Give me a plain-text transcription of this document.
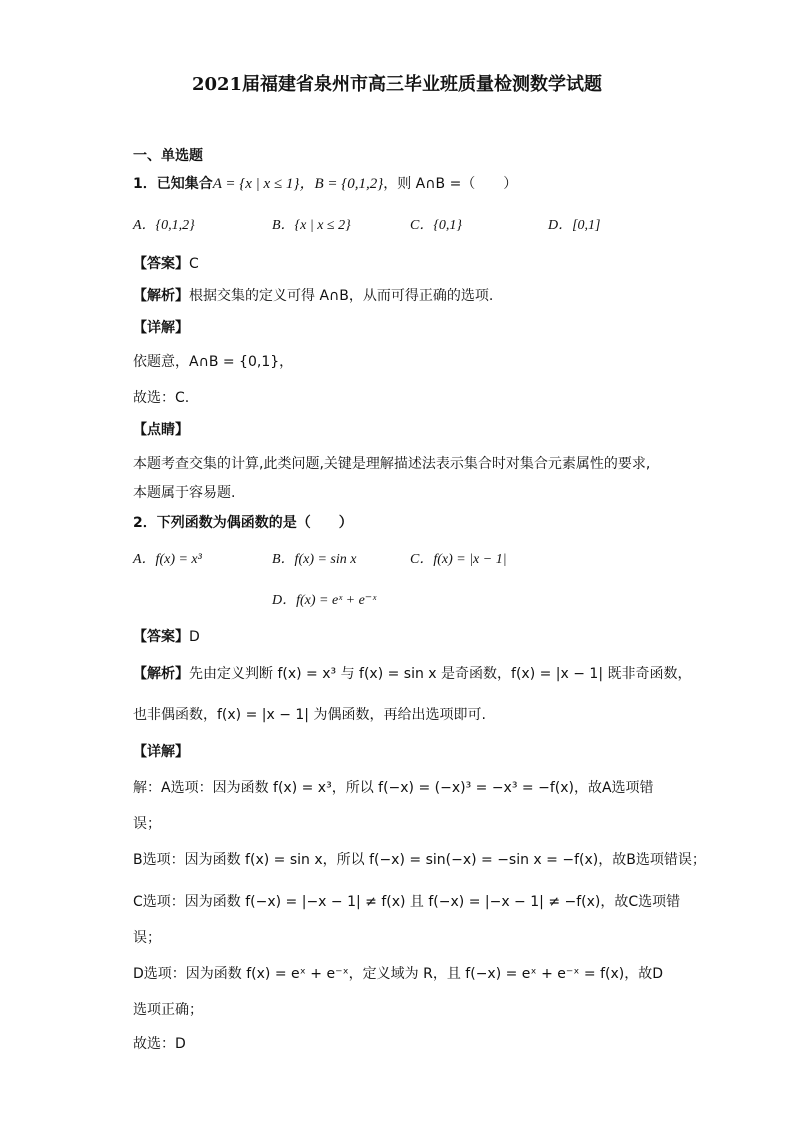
2021届福建省泉州市高三毕业班质量检测数学试题
一、单选题
1．已知集合A = {x | x ≤ 1}，B = {0,1,2}，则 A∩B =（　　）
A．{0,1,2}	B．{x | x ≤ 2}	C．{0,1}	D．[0,1]
【答案】C
【解析】根据交集的定义可得 A∩B，从而可得正确的选项.
【详解】
依题意，A∩B = {0,1}，
故选：C.
【点睛】
本题考查交集的计算,此类问题,关键是理解描述法表示集合时对集合元素属性的要求,
本题属于容易题.
2．下列函数为偶函数的是（　　）
A．f(x) = x³	B．f(x) = sin x	C．f(x) = |x − 1|
D．f(x) = eˣ + e⁻ˣ
【答案】D
【解析】先由定义判断 f(x) = x³ 与 f(x) = sin x 是奇函数，f(x) = |x − 1| 既非奇函数，
也非偶函数，f(x) = |x − 1| 为偶函数，再给出选项即可.
【详解】
解：A选项：因为函数 f(x) = x³，所以 f(−x) = (−x)³ = −x³ = −f(x)，故A选项错
误；
B选项：因为函数 f(x) = sin x，所以 f(−x) = sin(−x) = −sin x = −f(x)，故B选项错误；
C选项：因为函数 f(−x) = |−x − 1| ≠ f(x) 且 f(−x) = |−x − 1| ≠ −f(x)，故C选项错
误；
D选项：因为函数 f(x) = eˣ + e⁻ˣ，定义域为 R，且 f(−x) = eˣ + e⁻ˣ = f(x)，故D
选项正确；
故选：D
